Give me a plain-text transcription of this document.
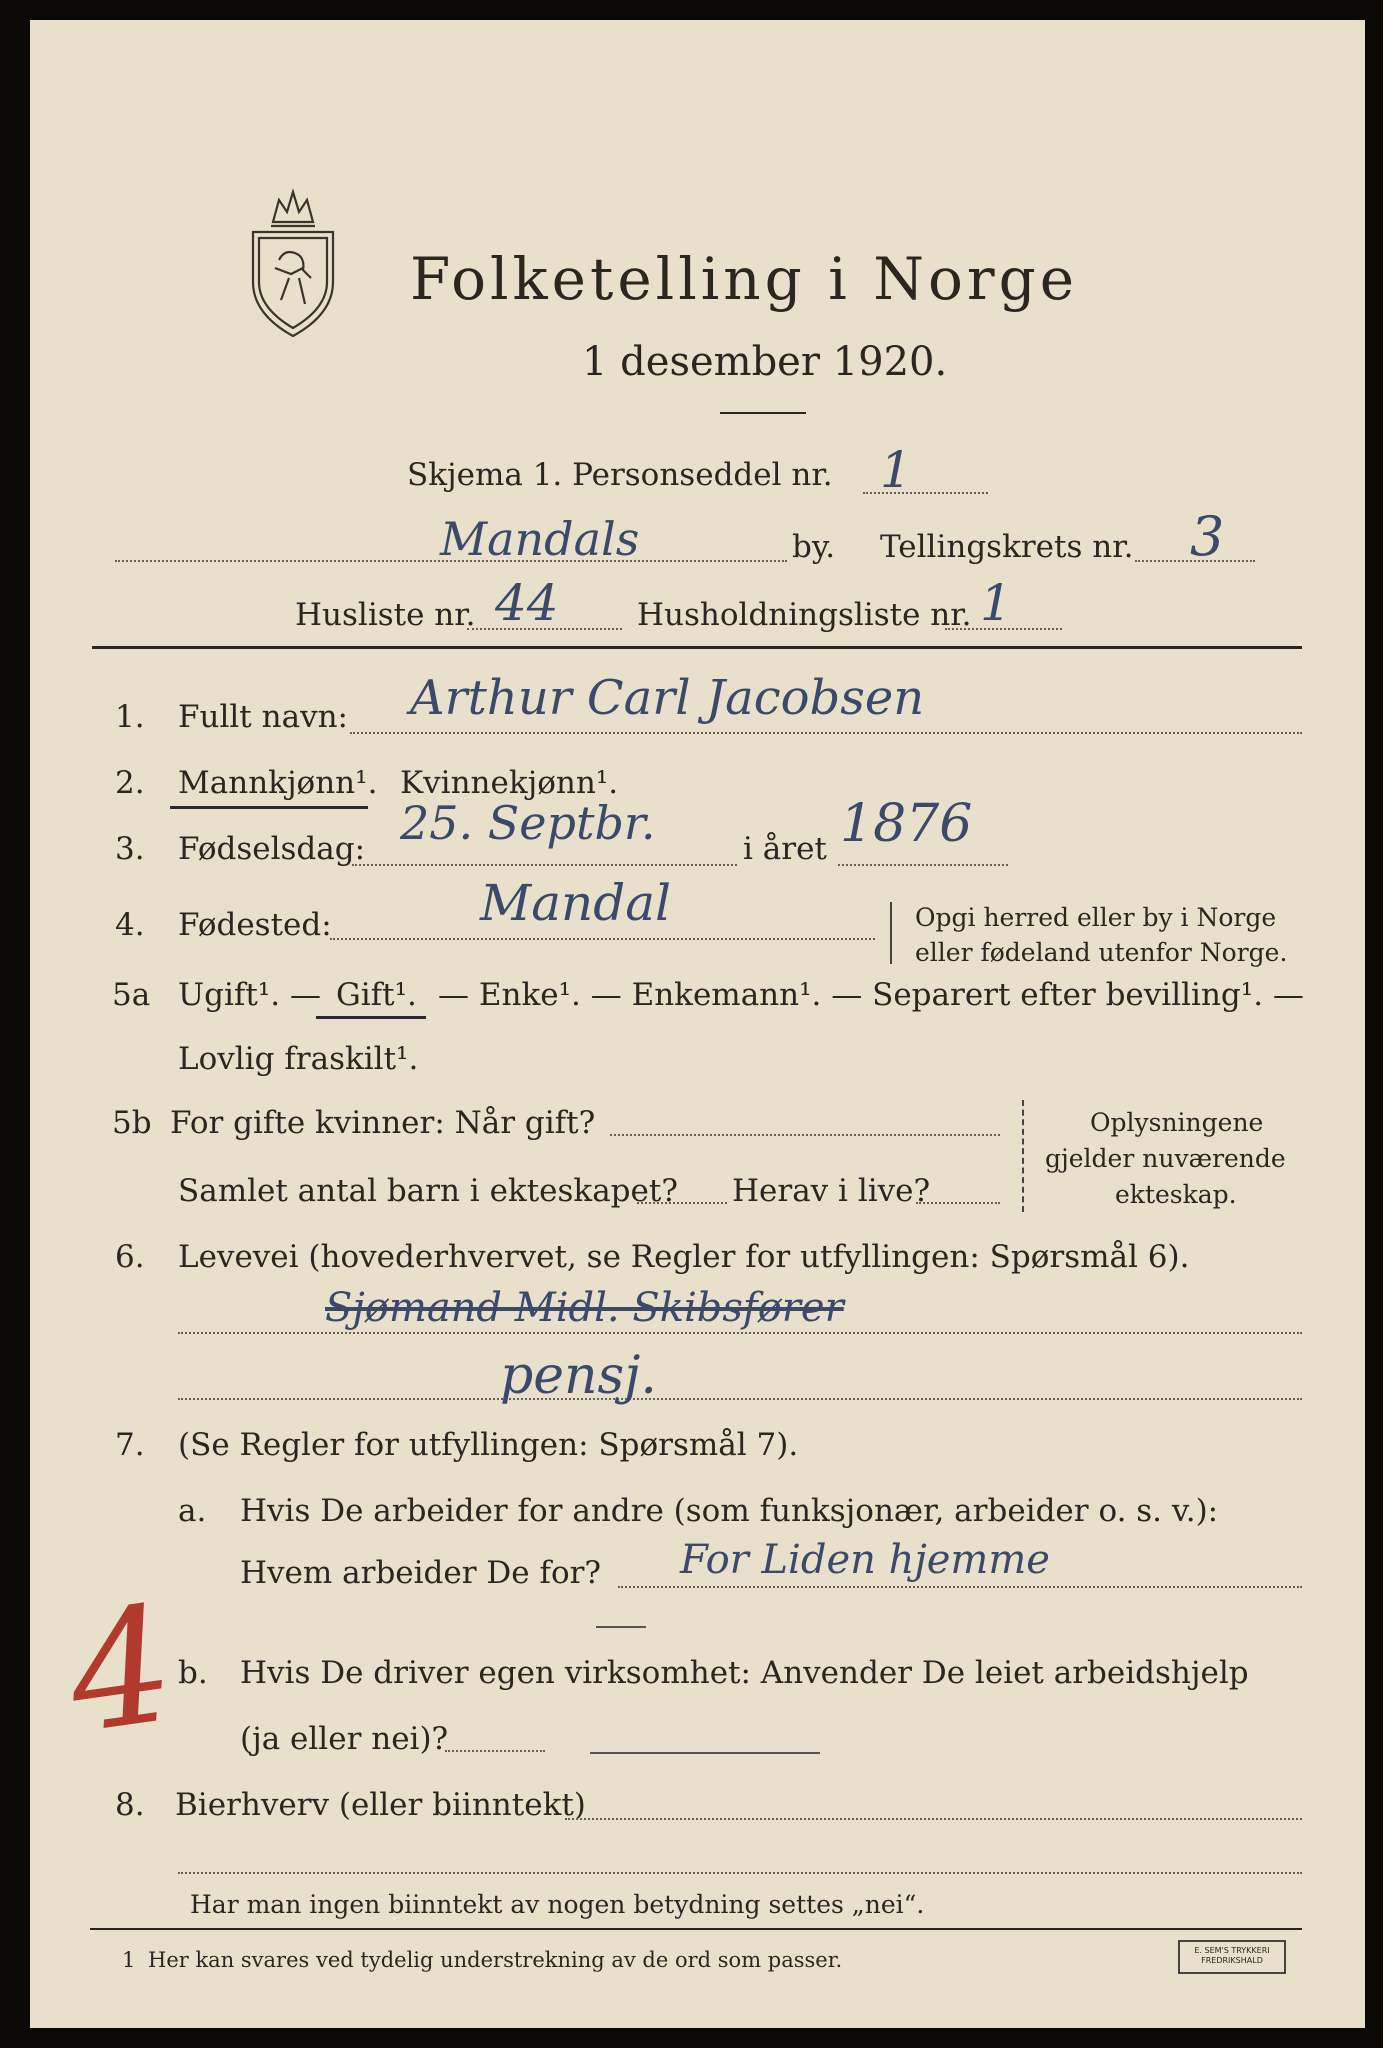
Folketelling i Norge
1 desember 1920.
Skjema 1. Personseddel nr. 1
Mandals	by. Tellingskrets nr. 3
Husliste nr. 44	Husholdningsliste nr. 1
1. Fullt navn: Arthur Carl Jacobsen
2. Mannkjønn¹. Kvinnekjønn¹.
3. Fødselsdag: 25. Septbr.	i året 1876
4. Fødested:	Mandal	Opgi herred eller by i Norge
eller fødeland utenfor Norge.
5a Ugift¹. — Gift¹. — Enke¹. — Enkemann¹. — Separert efter bevilling¹. —
Lovlig fraskilt¹.
5b For gifte kvinner: Når gift?
Samlet antal barn i ekteskapet? Herav i live?
Oplysningene
gjelder nuværende
ekteskap.
6. Levevei (hovederhvervet, se Regler for utfyllingen: Spørsmål 6).
Sjømand Midl. Skibsfører
pensj.
7. (Se Regler for utfyllingen: Spørsmål 7).
a. Hvis De arbeider for andre (som funksjonær, arbeider o. s. v.):
Hvem arbeider De for? For Liden hjemme
b. Hvis De driver egen virksomhet: Anvender De leiet arbeidshjelp
(ja eller nei)?
8. Bierhverv (eller biinntekt)
4
Har man ingen biinntekt av nogen betydning settes „nei“.
1 Her kan svares ved tydelig understrekning av de ord som passer.	E. SEM'S TRYKKERI FREDRIKSHALD
